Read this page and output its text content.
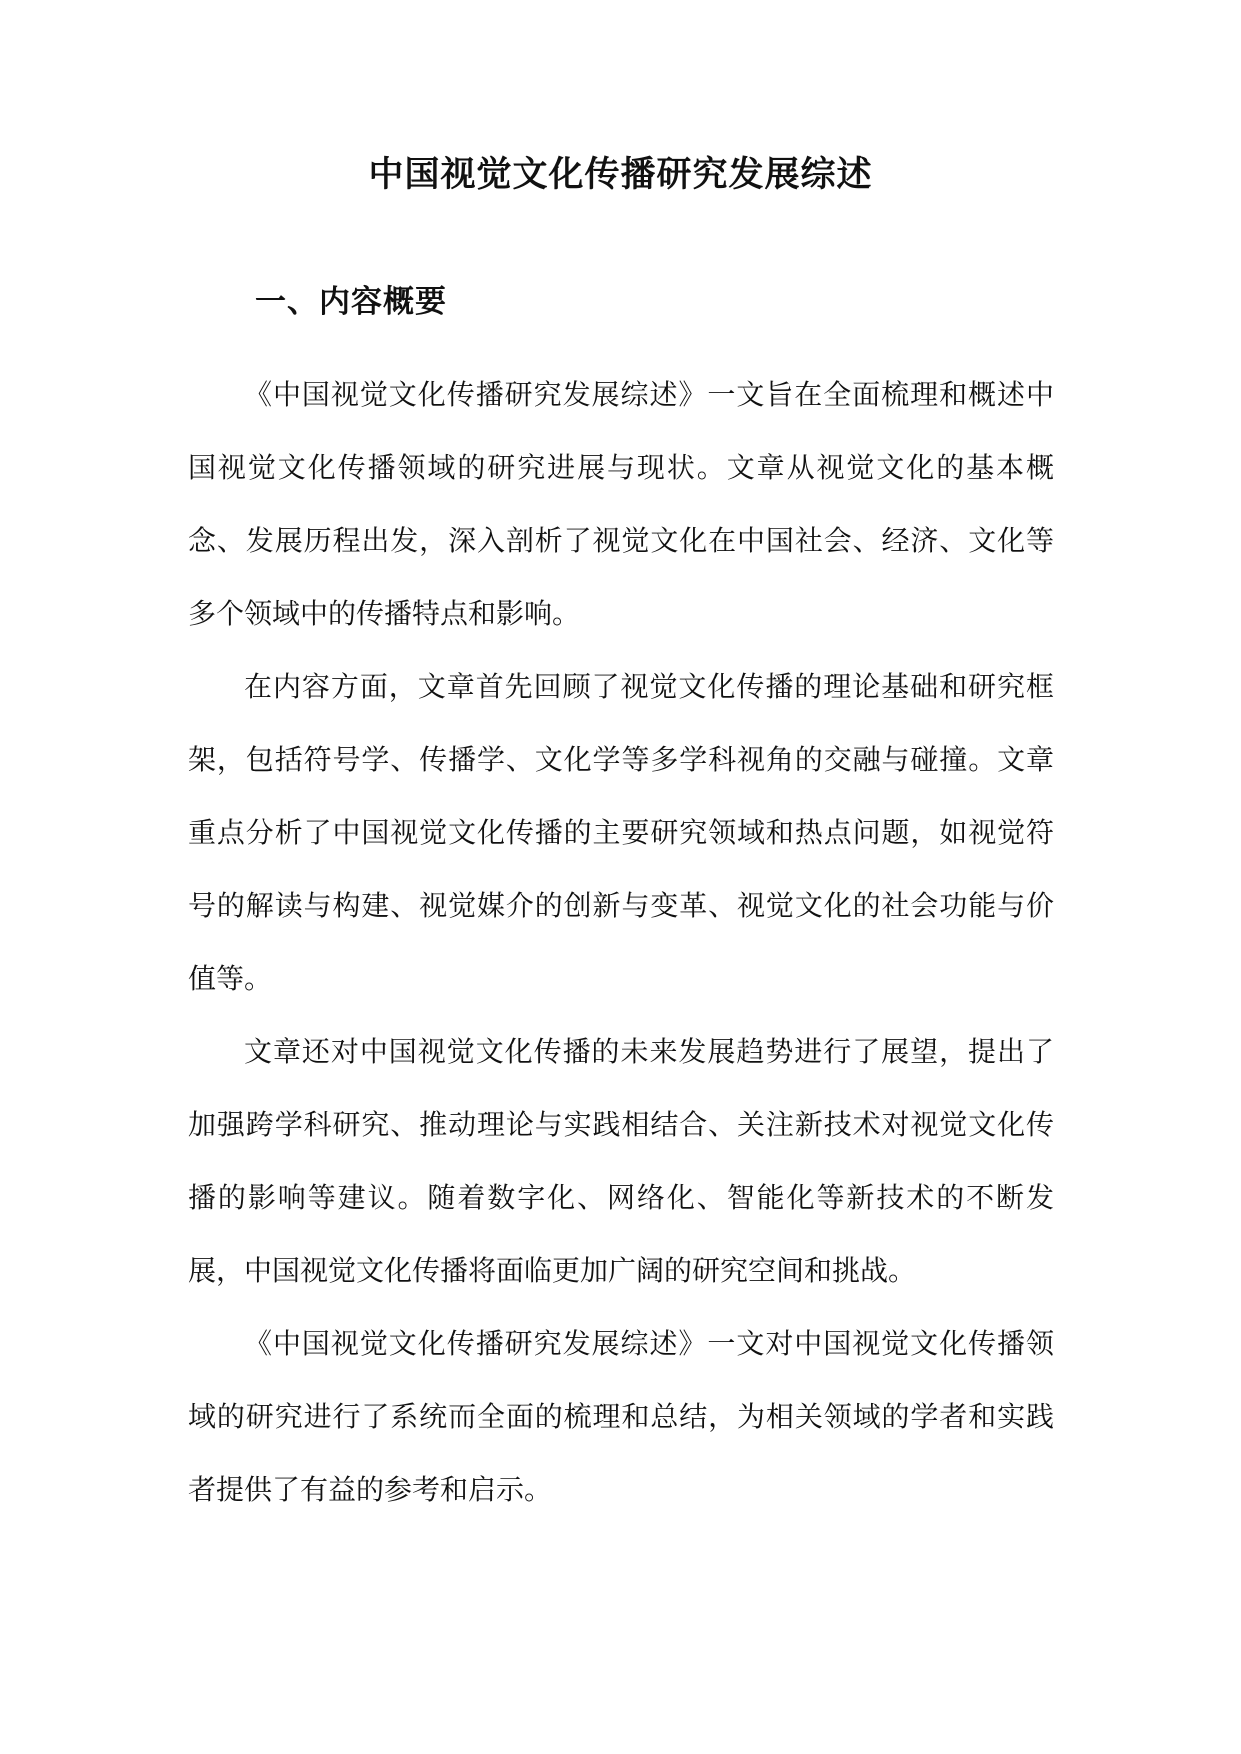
中国视觉文化传播研究发展综述
一、内容概要

《中国视觉文化传播研究发展综述》一文旨在全面梳理和概述中国视觉文化传播领域的研究进展与现状。文章从视觉文化的基本概念、发展历程出发，深入剖析了视觉文化在中国社会、经济、文化等多个领域中的传播特点和影响。

在内容方面，文章首先回顾了视觉文化传播的理论基础和研究框架，包括符号学、传播学、文化学等多学科视角的交融与碰撞。文章重点分析了中国视觉文化传播的主要研究领域和热点问题，如视觉符号的解读与构建、视觉媒介的创新与变革、视觉文化的社会功能与价值等。

文章还对中国视觉文化传播的未来发展趋势进行了展望，提出了加强跨学科研究、推动理论与实践相结合、关注新技术对视觉文化传播的影响等建议。随着数字化、网络化、智能化等新技术的不断发展，中国视觉文化传播将面临更加广阔的研究空间和挑战。

《中国视觉文化传播研究发展综述》一文对中国视觉文化传播领域的研究进行了系统而全面的梳理和总结，为相关领域的学者和实践者提供了有益的参考和启示。
